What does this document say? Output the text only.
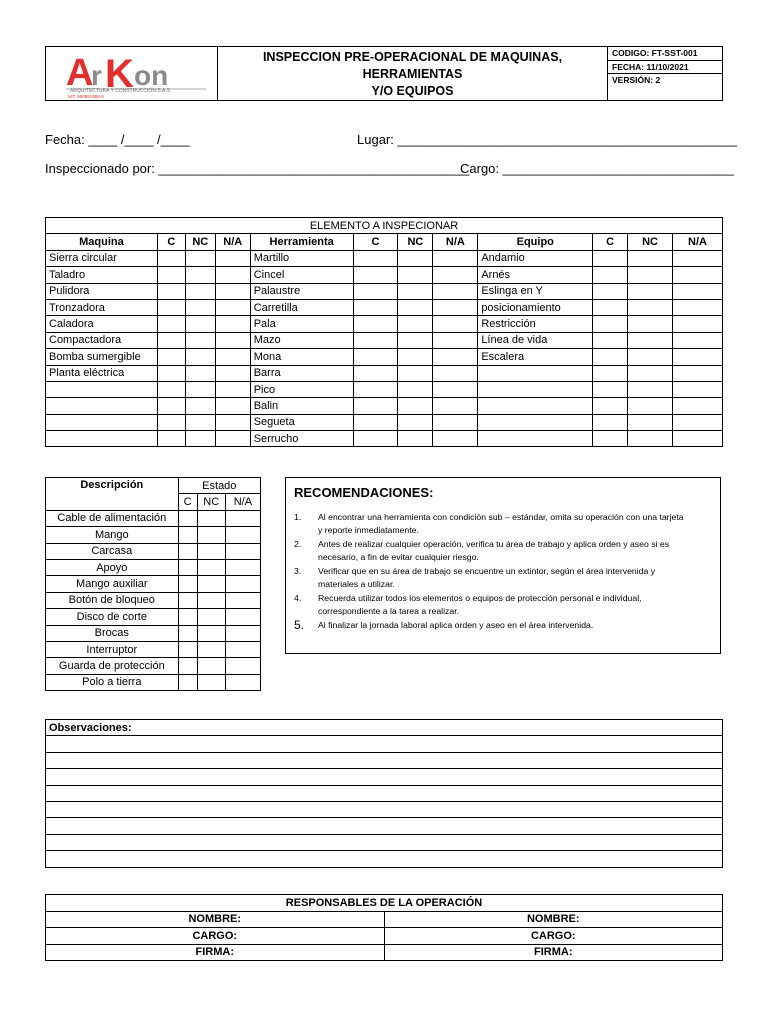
A
r K on
ARQUITECTURA Y CONSTRUCCIÓN S.A.S
NIT. 900991908-8
INSPECCION PRE-OPERACIONAL DE MAQUINAS, HERRAMIENTAS
Y/O EQUIPOS
CODIGO: FT-SST-001
FECHA: 11/10/2021
VERSIÓN: 2
Fecha: ____ /____ /____	Lugar: _______________________________________________
Inspeccionado por: ___________________________________________
Cargo: ________________________________
ELEMENTO A INSPECIONAR											
Maquina	C	NC	N/A	Herramienta	C	NC	N/A	Equipo	C	NC	N/A
Sierra circular				Martillo				Andamio			
Taladro				Cincel				Arnés			
Pulidora				Palaustre				Eslinga en Y			
Tronzadora				Carretilla				posicionamiento			
Caladora				Pala				Restricción			
Compactadora				Mazo				Línea de vida			
Bomba sumergible				Mona				Escalera			
Planta eléctrica				Barra							
				Pico							
				Balin							
				Segueta							
				Serrucho							
Descripción	Estado		
	C	NC	N/A
Cable de alimentación			
Mango			
Carcasa			
Apoyo			
Mango auxiliar			
Botón de bloqueo			
Disco de corte			
Brocas			
Interruptor			
Guarda de protección			
Polo a tierra			
RECOMENDACIONES:
1.	Al encontrar una herramienta con condición sub – estándar, omita su operación con una tarjeta
y reporte inmediatamente.
2.	Antes de realizar cualquier operación, verifica tu área de trabajo y aplica orden y aseo si es
necesario, a fin de evitar cualquier riesgo.
3.	Verificar que en su área de trabajo se encuentre un extintor, según el área intervenida y
materiales a utilizar.
4.	Recuerda utilizar todos los elementos o equipos de protección personal e individual,
correspondiente a la tarea a realizar.
5.	Al finalizar la jornada laboral aplica orden y aseo en el área intervenida.
Observaciones:

RESPONSABLES DE LA OPERACIÓN	
NOMBRE:	NOMBRE:
CARGO:	CARGO:
FIRMA:	FIRMA:
